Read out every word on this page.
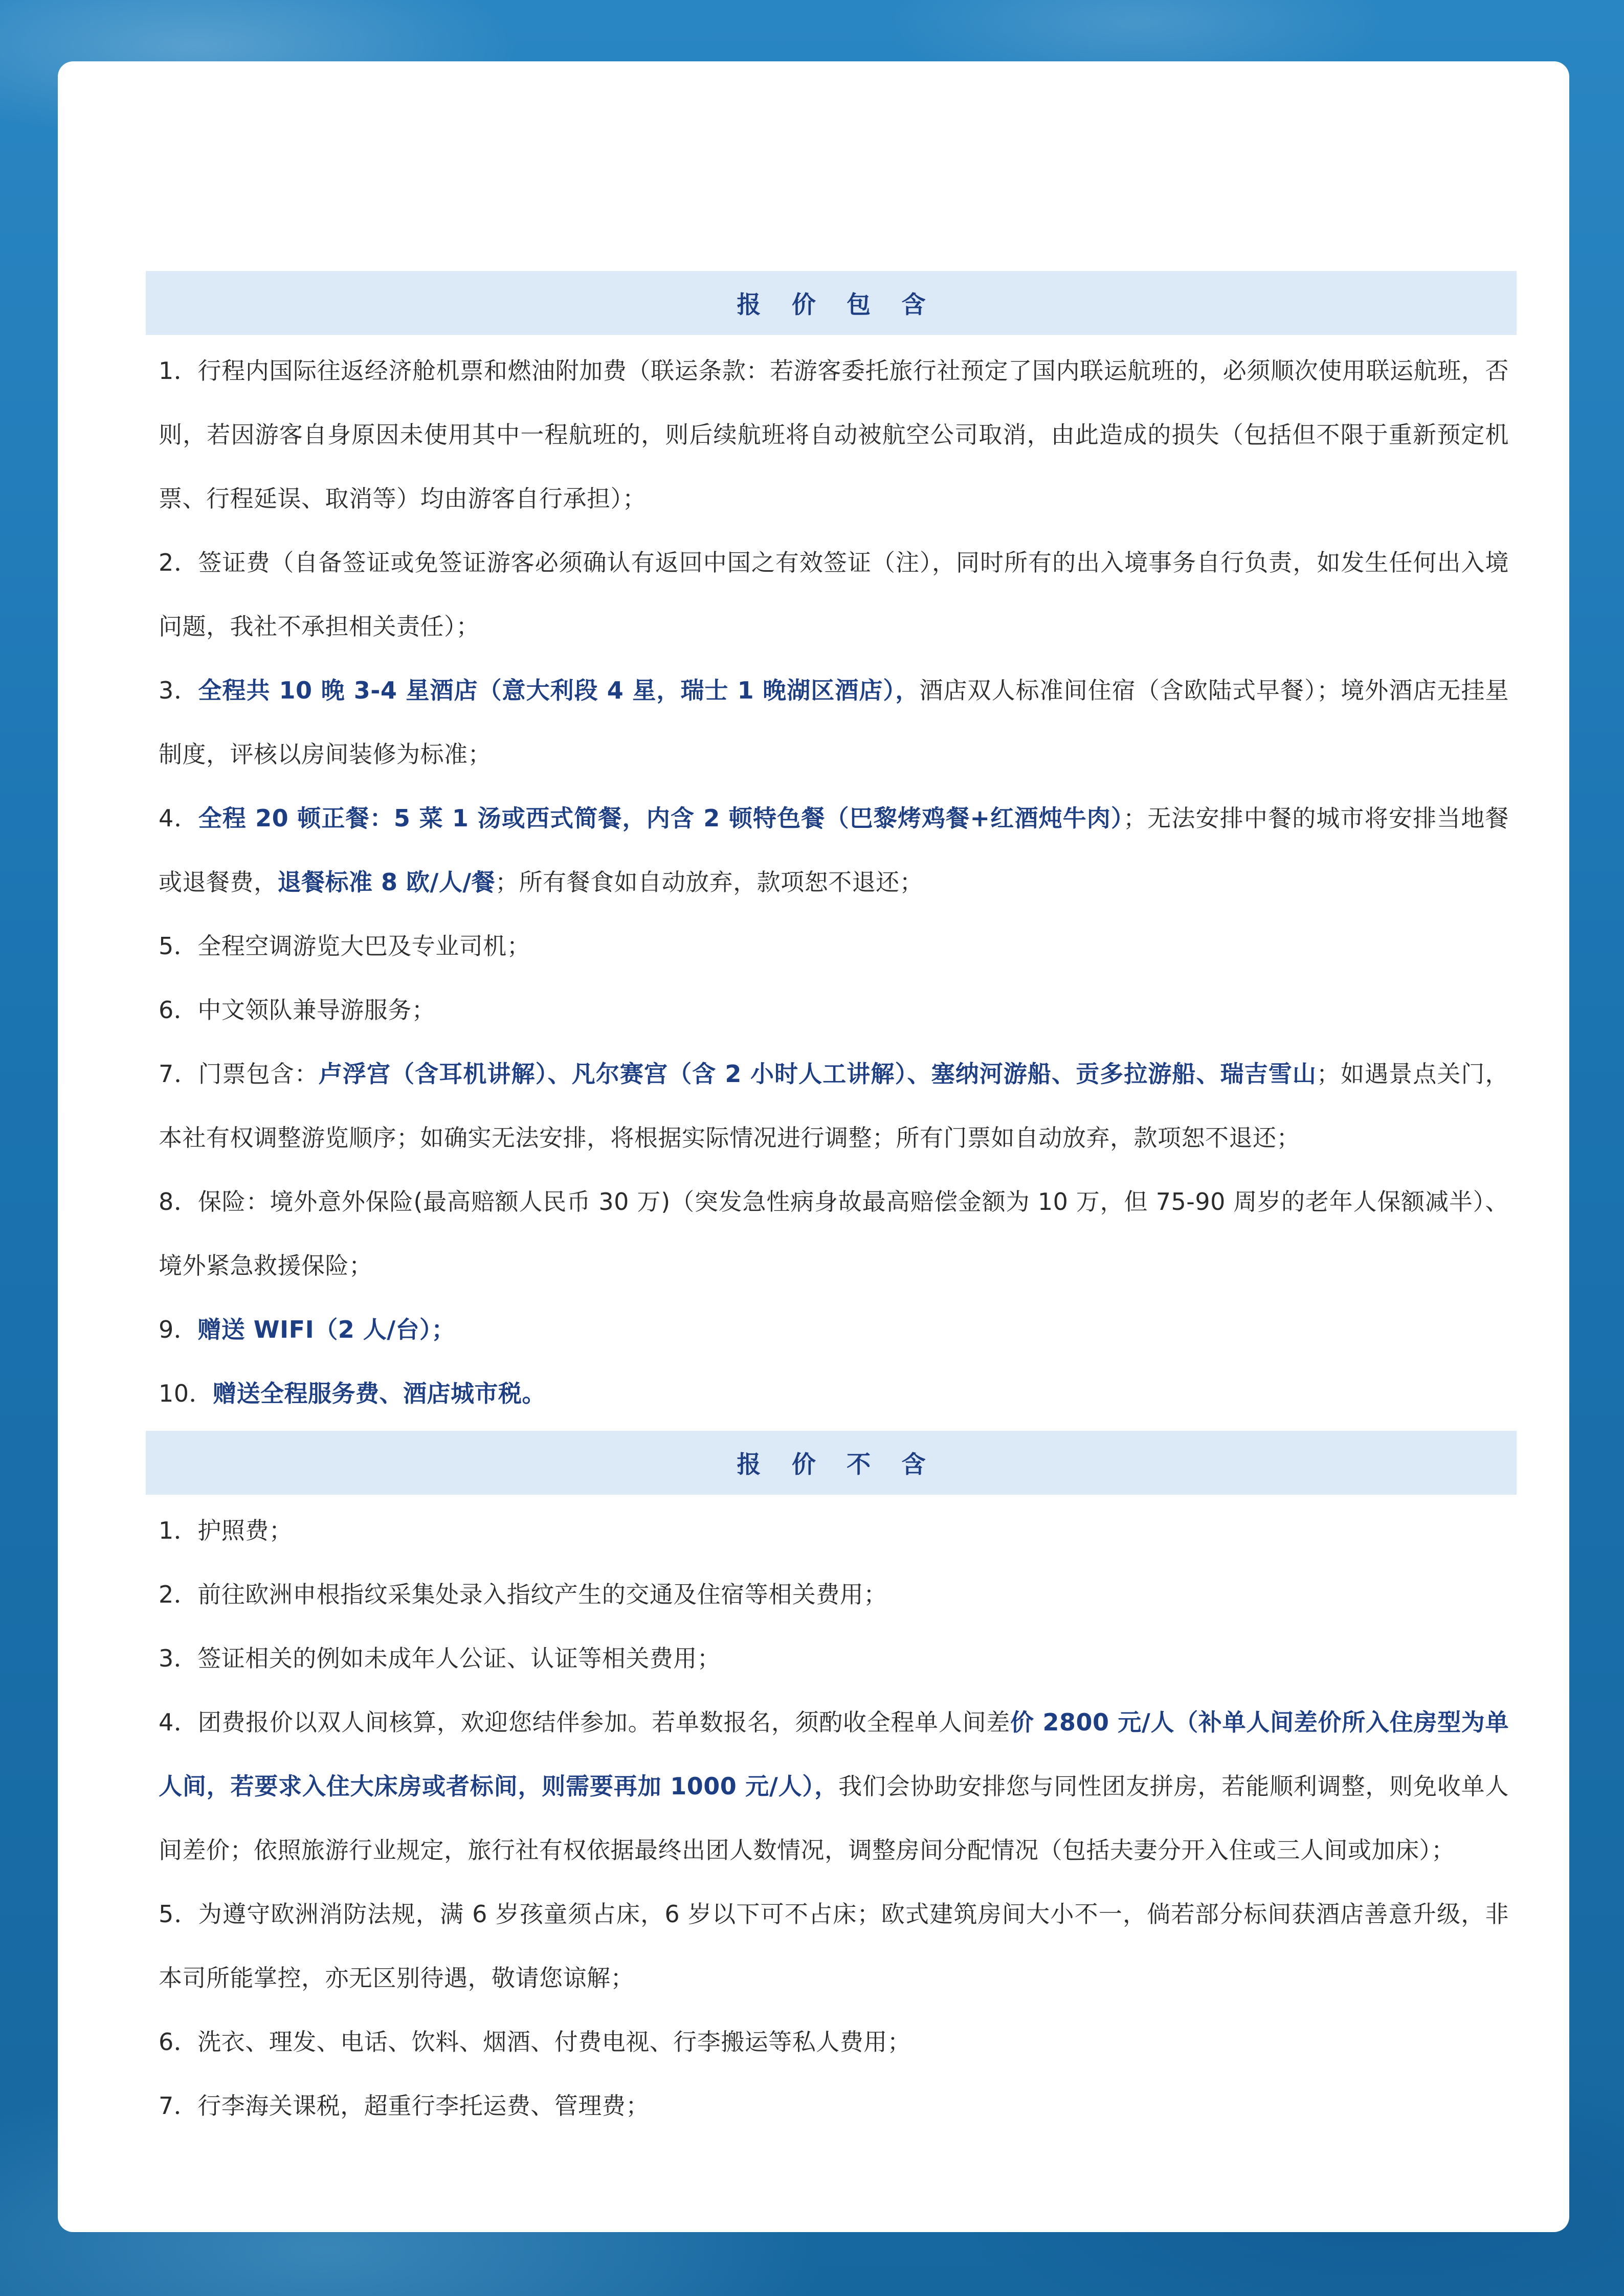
报 价 包 含
1．行程内国际往返经济舱机票和燃油附加费（联运条款：若游客委托旅行社预定了国内联运航班的，必须顺次使用联运航班，否则，若因游客自身原因未使用其中一程航班的，则后续航班将自动被航空公司取消，由此造成的损失（包括但不限于重新预定机票、行程延误、取消等）均由游客自行承担）；
2．签证费（自备签证或免签证游客必须确认有返回中国之有效签证（注），同时所有的出入境事务自行负责，如发生任何出入境问题，我社不承担相关责任）；
3．全程共 10 晚 3-4 星酒店（意大利段 4 星，瑞士 1 晚湖区酒店），酒店双人标准间住宿（含欧陆式早餐）；境外酒店无挂星制度，评核以房间装修为标准；
4．全程 20 顿正餐：5 菜 1 汤或西式简餐，内含 2 顿特色餐（巴黎烤鸡餐+红酒炖牛肉）；无法安排中餐的城市将安排当地餐或退餐费，退餐标准 8 欧/人/餐；所有餐食如自动放弃，款项恕不退还；
5．全程空调游览大巴及专业司机；
6．中文领队兼导游服务；
7．门票包含：卢浮宫（含耳机讲解）、凡尔赛宫（含 2 小时人工讲解）、塞纳河游船、贡多拉游船、瑞吉雪山；如遇景点关门，本社有权调整游览顺序；如确实无法安排，将根据实际情况进行调整；所有门票如自动放弃，款项恕不退还；
8．保险：境外意外保险(最高赔额人民币 30 万)（突发急性病身故最高赔偿金额为 10 万，但 75-90 周岁的老年人保额减半）、境外紧急救援保险；
9．赠送 WIFI（2 人/台）；
10．赠送全程服务费、酒店城市税。
报 价 不 含
1．护照费；
2．前往欧洲申根指纹采集处录入指纹产生的交通及住宿等相关费用；
3．签证相关的例如未成年人公证、认证等相关费用；
4．团费报价以双人间核算，欢迎您结伴参加。若单数报名，须酌收全程单人间差价 2800 元/人（补单人间差价所入住房型为单人间，若要求入住大床房或者标间，则需要再加 1000 元/人），我们会协助安排您与同性团友拼房，若能顺利调整，则免收单人间差价；依照旅游行业规定，旅行社有权依据最终出团人数情况，调整房间分配情况（包括夫妻分开入住或三人间或加床）；
5．为遵守欧洲消防法规，满 6 岁孩童须占床，6 岁以下可不占床；欧式建筑房间大小不一，倘若部分标间获酒店善意升级，非本司所能掌控，亦无区别待遇，敬请您谅解；
6．洗衣、理发、电话、饮料、烟酒、付费电视、行李搬运等私人费用；
7．行李海关课税，超重行李托运费、管理费；
